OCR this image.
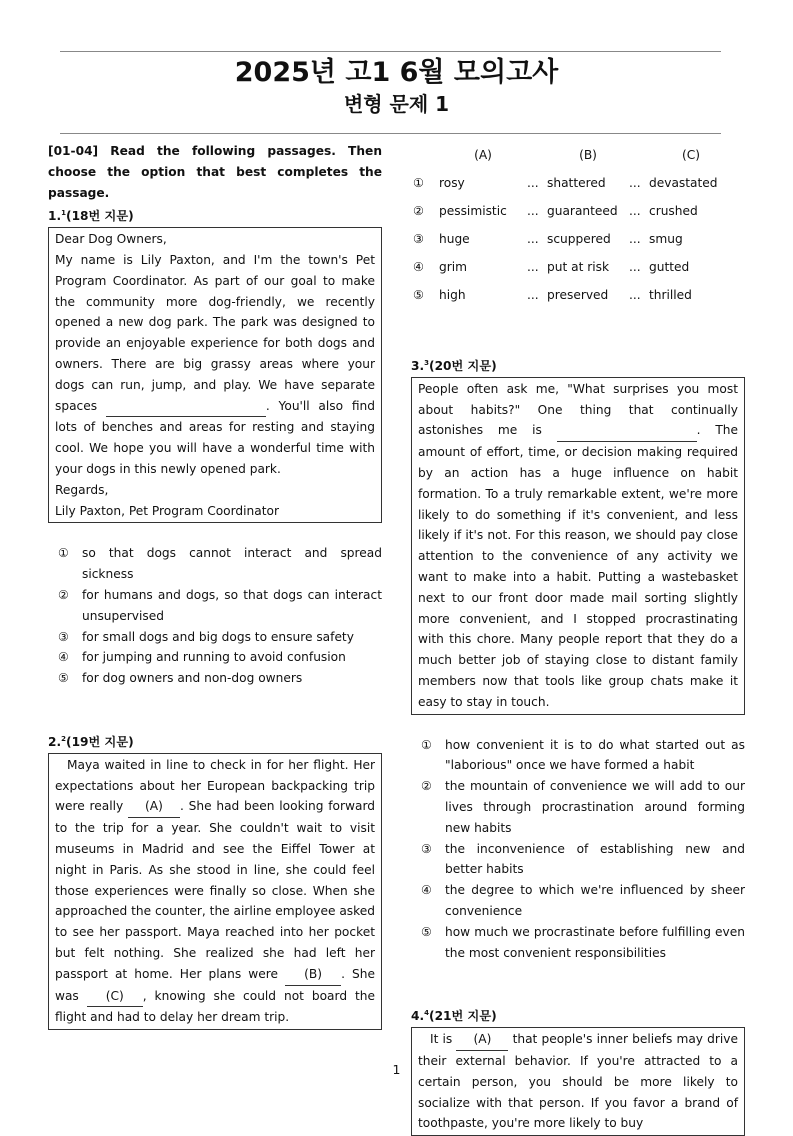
2025년 고1 6월 모의고사
변형 문제 1

[01-04] Read the following passages. Then choose the option that best completes the passage.

1.$^1$(18번 지문)

Dear Dog Owners,

My name is Lily Paxton, and I'm the town's Pet Program Coordinator. As part of our goal to make the community more dog-friendly, we recently opened a new dog park. The park was designed to provide an enjoyable experience for both dogs and owners. There are big grassy areas where your dogs can run, jump, and play. We have separate spaces	. You'll also find lots of benches and areas for resting and staying cool. We hope you will have a wonderful time with your dogs in this newly opened park.

Regards,

Lily Paxton, Pet Program Coordinator

①	so that dogs cannot interact and spread sickness
②	for humans and dogs, so that dogs can interact unsupervised
③	for small dogs and big dogs to ensure safety
④	for jumping and running to avoid confusion
⑤	for dog owners and non-dog owners
2.$^2$(19번 지문)
Maya waited in line to check in for her flight. Her expectations about her European backpacking trip were really (A) . She had been looking forward to the trip for a year. She couldn't wait to visit museums in Madrid and see the Eiffel Tower at night in Paris. As she stood in line, she could feel those experiences were finally so close. When she approached the counter, the airline employee asked to see her passport. Maya reached into her pocket but felt nothing. She realized she had left her passport at home. Her plans were (B) . She was (C) , knowing she could not board the flight and had to delay her dream trip.
	(A)		(B)		(C)
①	rosy	...	shattered	...	devastated
②	pessimistic	...	guaranteed	...	crushed
③	huge	...	scuppered	...	smug
④	grim	...	put at risk	...	gutted
⑤	high	...	preserved	...	thrilled
3.$^3$(20번 지문)
People often ask me, "What surprises you most about habits?" One thing that continually astonishes me is	. The amount of effort, time, or decision making required by an action has a huge influence on habit formation. To a truly remarkable extent, we're more likely to do something if it's convenient, and less likely if it's not. For this reason, we should pay close attention to the convenience of any activity we want to make into a habit. Putting a wastebasket next to our front door made mail sorting slightly more convenient, and I stopped procrastinating with this chore. Many people report that they do a much better job of staying close to distant family members now that tools like group chats make it easy to stay in touch.
①	how convenient it is to do what started out as "laborious" once we have formed a habit
②	the mountain of convenience we will add to our lives through procrastination around forming new habits
③	the inconvenience of establishing new and better habits
④	the degree to which we're influenced by sheer convenience
⑤	how much we procrastinate before fulfilling even the most convenient responsibilities
4.$^4$(21번 지문)
It is (A) that people's inner beliefs may drive their external behavior. If you're attracted to a certain person, you should be more likely to socialize with that person. If you favor a brand of toothpaste, you're more likely to buy
1
